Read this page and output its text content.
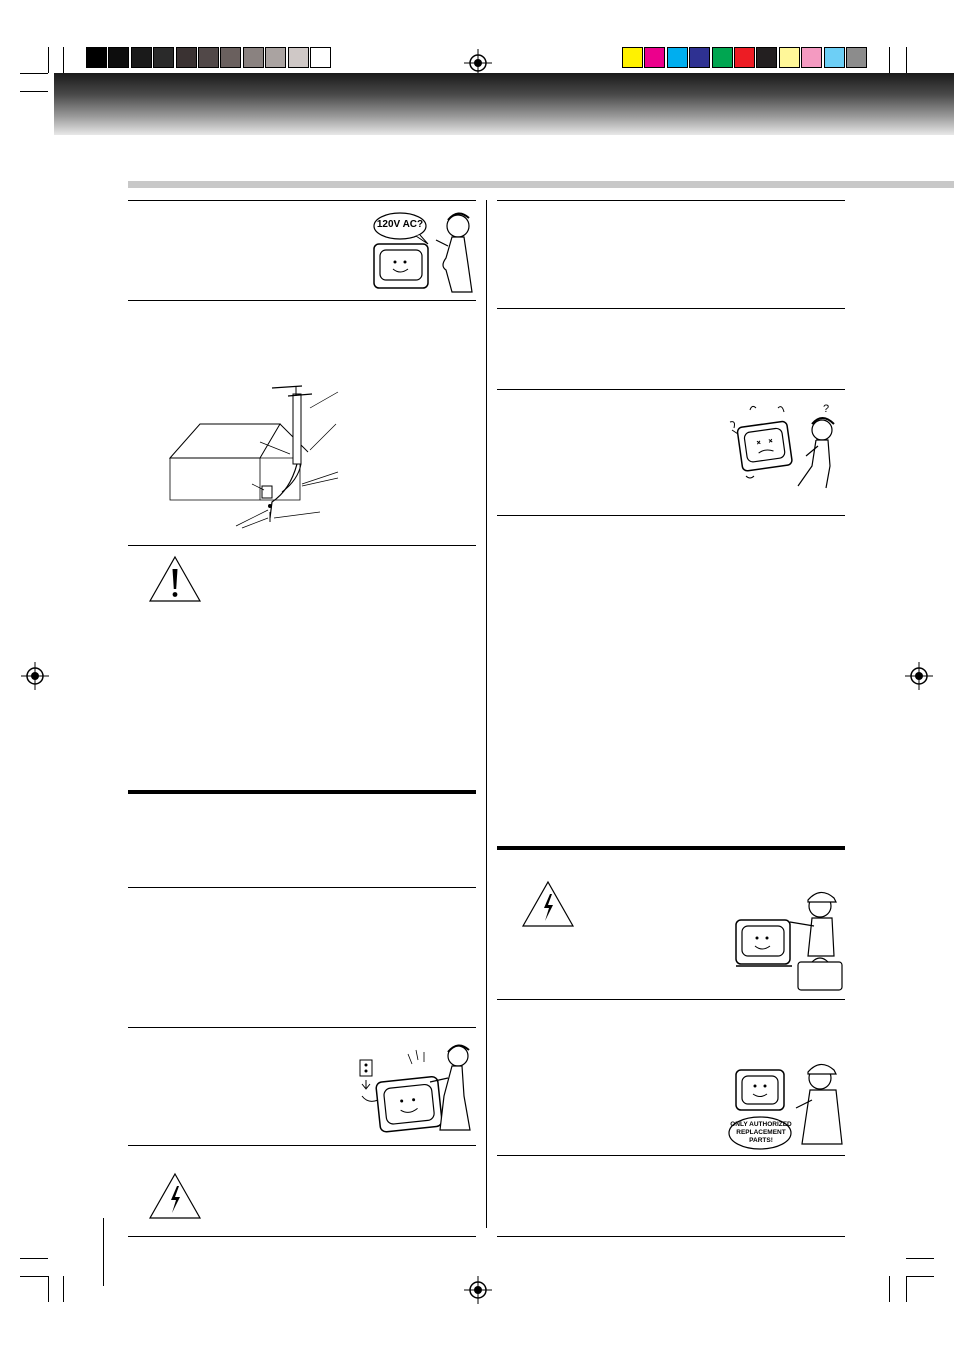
120V AC?
?
ONLY AUTHORIZED
REPLACEMENT
PARTS!
